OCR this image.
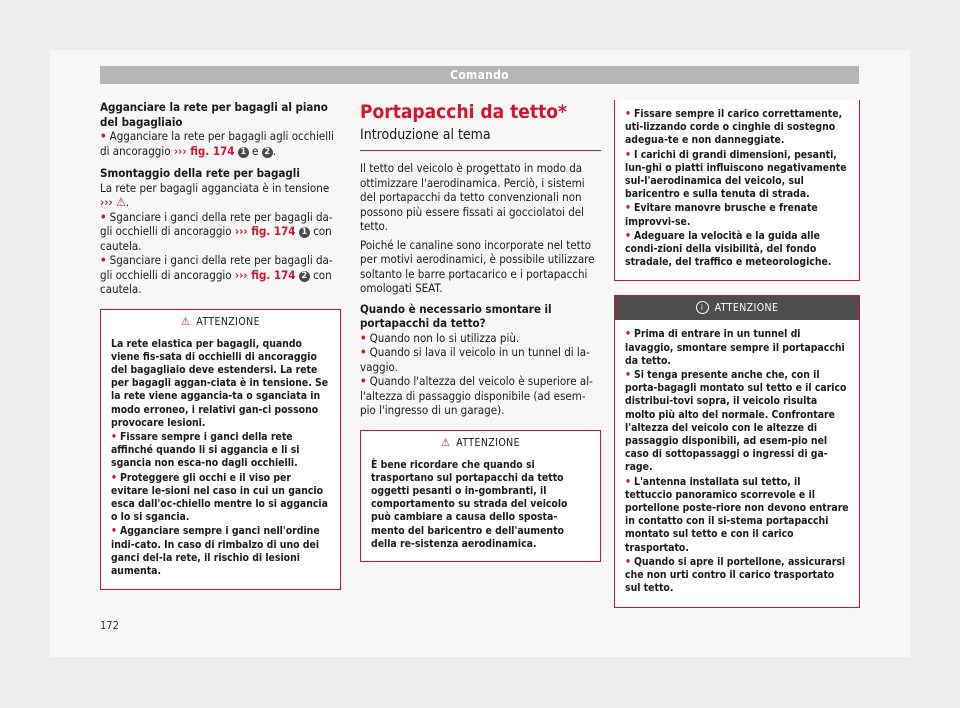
Comando

Agganciare la rete per bagagli al piano del bagagliaio

• Agganciare la rete per bagagli agli occhielli di ancoraggio ››› fig. 174 1 e 2 .

Smontaggio della rete per bagagli

La rete per bagagli agganciata è in tensione
››› ⚠.

• Sganciare i ganci della rete per bagagli da-gli occhielli di ancoraggio ››› fig. 174 1 con cautela.

• Sganciare i ganci della rete per bagagli da-gli occhielli di ancoraggio ››› fig. 174 2 con cautela.

⚠ ATTENZIONE

La rete elastica per bagagli, quando viene fis-sata di occhielli di ancoraggio del bagagliaio deve estendersi. La rete per bagagli aggan-ciata è in tensione. Se la rete viene aggancia-ta o sganciata in modo erroneo, i relativi gan-ci possono provocare lesioni.

• Fissare sempre i ganci della rete affinché quando li si aggancia e li si sgancia non esca-no dagli occhielli.

• Proteggere gli occhi e il viso per evitare le-sioni nel caso in cui un gancio esca dall'oc-chiello mentre lo si aggancia o lo si sgancia.

• Agganciare sempre i ganci nell'ordine indi-cato. In caso di rimbalzo di uno dei ganci del-la rete, il rischio di lesioni aumenta.

Portapacchi da tetto*
Introduzione al tema

Il tetto del veicolo è progettato in modo da ottimizzare l'aerodinamica. Perciò, i sistemi del portapacchi da tetto convenzionali non possono più essere fissati ai gocciolatoi del tetto.

Poiché le canaline sono incorporate nel tetto per motivi aerodinamici, è possibile utilizzare soltanto le barre portacarico e i portapacchi omologati SEAT.

Quando è necessario smontare il portapacchi da tetto?

• Quando non lo si utilizza più.

• Quando si lava il veicolo in un tunnel di la-vaggio.

• Quando l'altezza del veicolo è superiore al-l'altezza di passaggio disponibile (ad esem-pio l'ingresso di un garage).

⚠ ATTENZIONE
È bene ricordare che quando si trasportano sul portapacchi da tetto oggetti pesanti o in-gombranti, il comportamento su strada del veicolo può cambiare a causa dello sposta-mento del baricentro e dell'aumento della re-sistenza aerodinamica.

• Fissare sempre il carico correttamente, uti-lizzando corde o cinghie di sostegno adegua-te e non danneggiate.

• I carichi di grandi dimensioni, pesanti, lun-ghi o piatti influiscono negativamente sul-l'aerodinamica del veicolo, sul baricentro e sulla tenuta di strada.

• Evitare manovre brusche e frenate improvvi-se.

• Adeguare la velocità e la guida alle condi-zioni della visibilità, del fondo stradale, del traffico e meteorologiche.

i ATTENZIONE

• Prima di entrare in un tunnel di lavaggio, smontare sempre il portapacchi da tetto.

• Si tenga presente anche che, con il porta-bagagli montato sul tetto e il carico distribui-tovi sopra, il veicolo risulta molto più alto del normale. Confrontare l'altezza del veicolo con le altezze di passaggio disponibili, ad esem-pio nel caso di sottopassaggi o ingressi di ga-rage.

• L'antenna installata sul tetto, il tettuccio panoramico scorrevole e il portellone poste-riore non devono entrare in contatto con il si-stema portapacchi montato sul tetto e con il carico trasportato.

• Quando si apre il portellone, assicurarsi che non urti contro il carico trasportato sul tetto.

172
